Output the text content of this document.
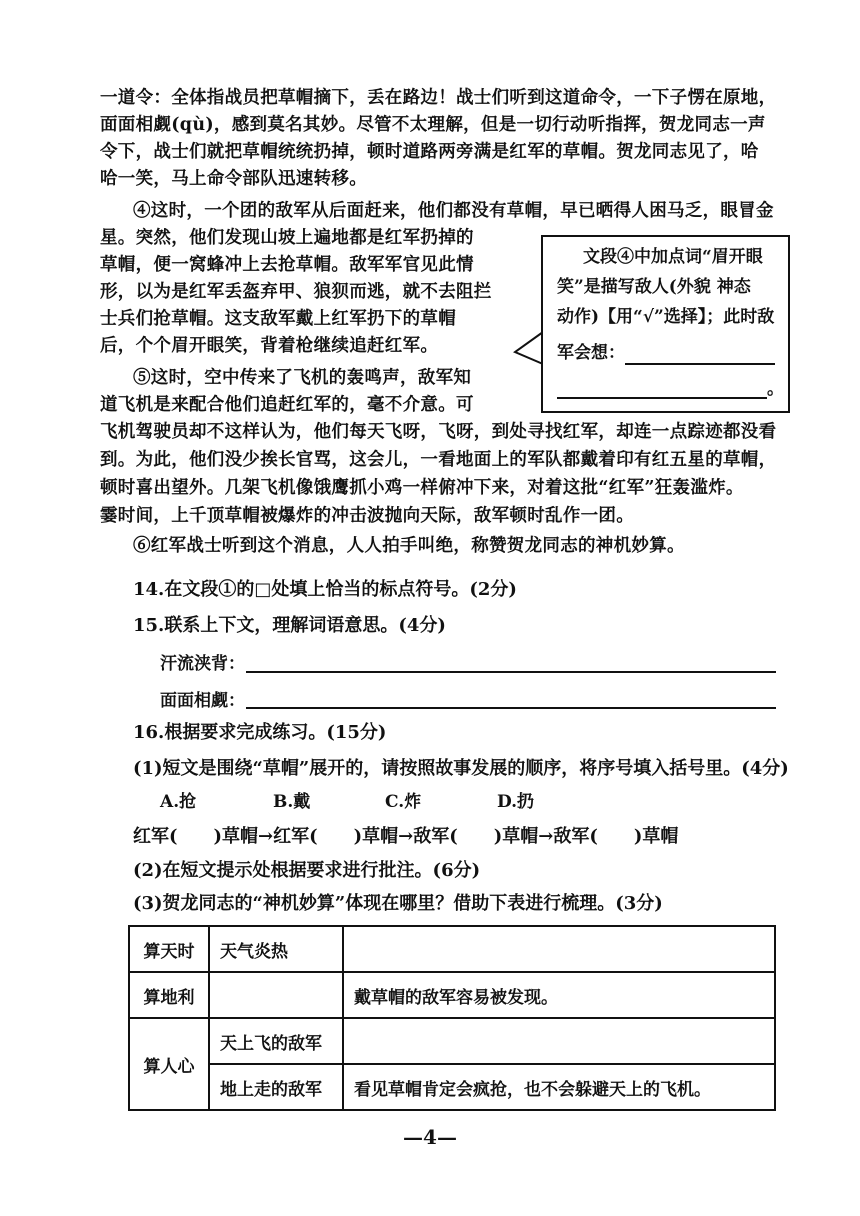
一道令：全体指战员把草帽摘下，丢在路边！战士们听到这道命令，一下子愣在原地，
面面相觑(qù)，感到莫名其妙。尽管不太理解，但是一切行动听指挥，贺龙同志一声
令下，战士们就把草帽统统扔掉，顿时道路两旁满是红军的草帽。贺龙同志见了，哈
哈一笑，马上命令部队迅速转移。
④这时，一个团的敌军从后面赶来，他们都没有草帽，早已晒得人困马乏，眼冒金
星。突然，他们发现山坡上遍地都是红军扔掉的
草帽，便一窝蜂冲上去抢草帽。敌军军官见此情
形，以为是红军丢盔弃甲、狼狈而逃，就不去阻拦
士兵们抢草帽。这支敌军戴上红军扔下的草帽
后，个个眉开眼笑，背着枪继续追赶红军。
⑤这时，空中传来了飞机的轰鸣声，敌军知
道飞机是来配合他们追赶红军的，毫不介意。可
飞机驾驶员却不这样认为，他们每天飞呀，飞呀，到处寻找红军，却连一点踪迹都没看
到。为此，他们没少挨长官骂，这会儿，一看地面上的军队都戴着印有红五星的草帽，
顿时喜出望外。几架飞机像饿鹰抓小鸡一样俯冲下来，对着这批“红军”狂轰滥炸。
霎时间，上千顶草帽被爆炸的冲击波抛向天际，敌军顿时乱作一团。
⑥红军战士听到这个消息，人人拍手叫绝，称赞贺龙同志的神机妙算。
文段④中加点词“眉开眼
笑”是描写敌人(外貌 神态
动作)【用“√”选择】；此时敌
军会想：
。
14.在文段①的□处填上恰当的标点符号。(2分)
15.联系上下文，理解词语意思。(4分)
汗流浃背：
面面相觑：
16.根据要求完成练习。(15分)
(1)短文是围绕“草帽”展开的，请按照故事发展的顺序，将序号填入括号里。(4分)
A.抢	B.戴	C.炸	D.扔
红军(　　)草帽→红军(　　)草帽→敌军(　　)草帽→敌军(　　)草帽
(2)在短文提示处根据要求进行批注。(6分)
(3)贺龙同志的“神机妙算”体现在哪里？借助下表进行梳理。(3分)
算天时	天气炎热	
算地利		戴草帽的敌军容易被发现。
算人心	天上飞的敌军	
	地上走的敌军	看见草帽肯定会疯抢，也不会躲避天上的飞机。
—4—
